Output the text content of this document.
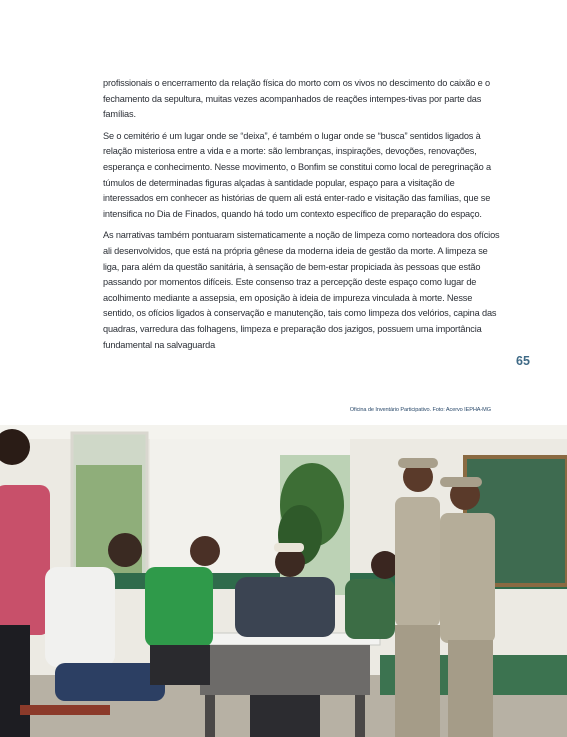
profissionais o encerramento da relação física do morto com os vivos no descimento do caixão e o fechamento da sepultura, muitas vezes acompanhados de reações intempes-tivas por parte das famílias.

Se o cemitério é um lugar onde se “deixa”, é também o lugar onde se “busca” sentidos ligados à relação misteriosa entre a vida e a morte: são lembranças, inspirações, devoções, renovações, esperança e conhecimento. Nesse movimento, o Bonfim se constitui como local de peregrinação a túmulos de determinadas figuras alçadas à santidade popular, espaço para a visitação de interessados em conhecer as histórias de quem ali está enter-rado e visitação das famílias, que se intensifica no Dia de Finados, quando há todo um contexto específico de preparação do espaço.

As narrativas também pontuaram sistematicamente a noção de limpeza como norteadora dos ofícios ali desenvolvidos, que está na própria gênese da moderna ideia de gestão da morte. A limpeza se liga, para além da questão sanitária, à sensação de bem-estar propiciada às pessoas que estão passando por momentos difíceis. Este consenso traz a percepção deste espaço como lugar de acolhimento mediante a assepsia, em oposição à ideia de impureza vinculada à morte. Nesse sentido, os ofícios ligados à conservação e manutenção, tais como limpeza dos velórios, capina das quadras, varredura das folhagens, limpeza e preparação dos jazigos, possuem uma importância fundamental na salvaguarda

65
Oficina de Inventário Participativo. Foto: Acervo IEPHA-MG
